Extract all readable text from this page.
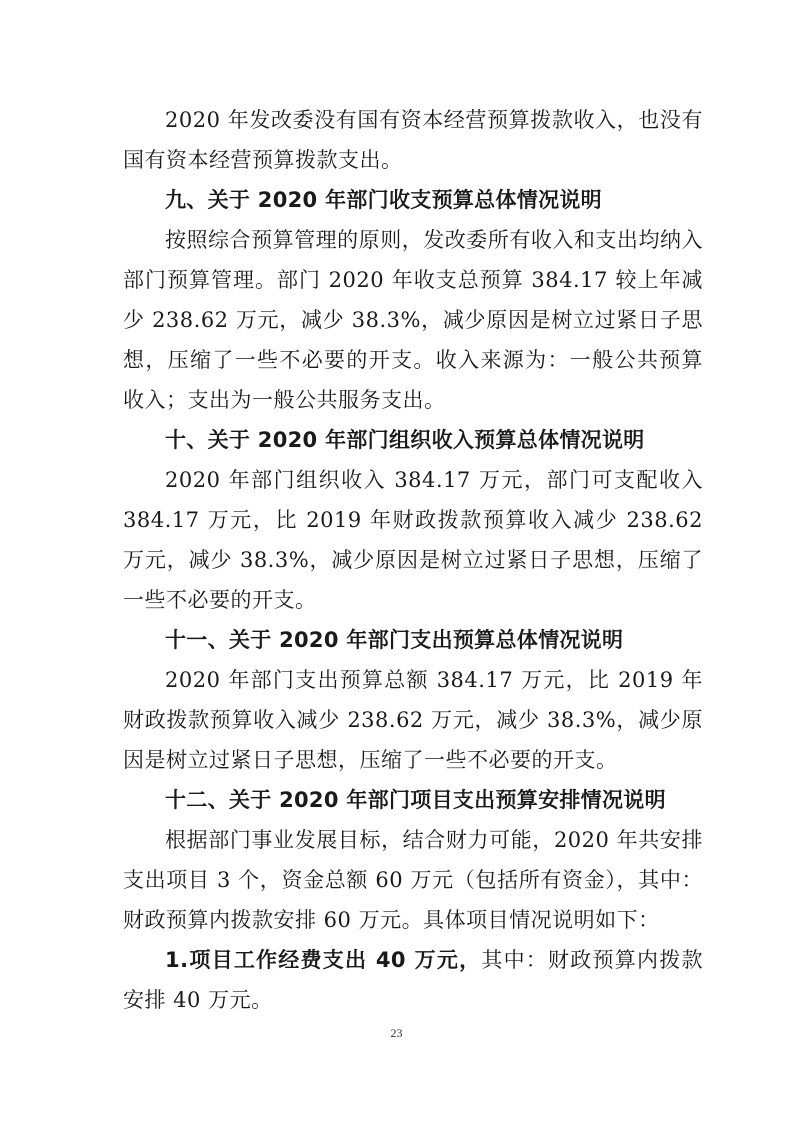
2020 年发改委没有国有资本经营预算拨款收入，也没有国有资本经营预算拨款支出。

九、关于 2020 年部门收支预算总体情况说明

按照综合预算管理的原则，发改委所有收入和支出均纳入部门预算管理。部门 2020 年收支总预算 384.17 较上年减少 238.62 万元，减少 38.3%，减少原因是树立过紧日子思想，压缩了一些不必要的开支。收入来源为：一般公共预算收入；支出为一般公共服务支出。

十、关于 2020 年部门组织收入预算总体情况说明

2020 年部门组织收入 384.17 万元，部门可支配收入 384.17 万元，比 2019 年财政拨款预算收入减少 238.62 万元，减少 38.3%，减少原因是树立过紧日子思想，压缩了一些不必要的开支。

十一、关于 2020 年部门支出预算总体情况说明

2020 年部门支出预算总额 384.17 万元，比 2019 年财政拨款预算收入减少 238.62 万元，减少 38.3%，减少原因是树立过紧日子思想，压缩了一些不必要的开支。

十二、关于 2020 年部门项目支出预算安排情况说明

根据部门事业发展目标，结合财力可能，2020 年共安排支出项目 3 个，资金总额 60 万元（包括所有资金），其中：财政预算内拨款安排 60 万元。具体项目情况说明如下：

1.项目工作经费支出 40 万元，其中：财政预算内拨款安排 40 万元。

23
